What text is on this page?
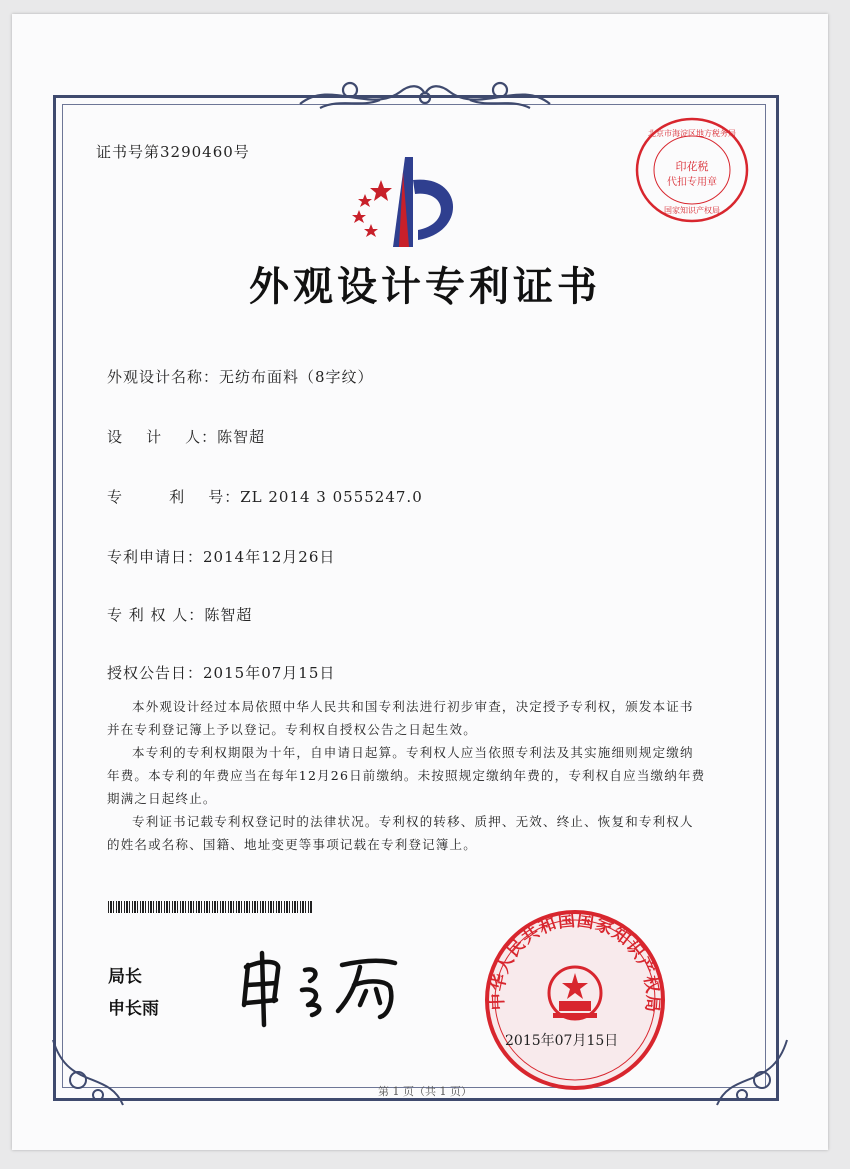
证书号第3290460号
印花税
代扣专用章
北京市海淀区地方税务局
国家知识产权局
外观设计专利证书
外观设计名称：无纺布面料（8字纹）
设    计    人：陈智超
专        利    号：ZL 2014 3 0555247.0
专利申请日：2014年12月26日
专 利 权 人：陈智超
授权公告日：2015年07月15日
本外观设计经过本局依照中华人民共和国专利法进行初步审查，决定授予专利权，颁发本证书并在专利登记簿上予以登记。专利权自授权公告之日起生效。
本专利的专利权期限为十年，自申请日起算。专利权人应当依照专利法及其实施细则规定缴纳年费。本专利的年费应当在每年12月26日前缴纳。未按照规定缴纳年费的，专利权自应当缴纳年费期满之日起终止。
专利证书记载专利权登记时的法律状况。专利权的转移、质押、无效、终止、恢复和专利权人的姓名或名称、国籍、地址变更等事项记载在专利登记簿上。
局长
申长雨	中华人民共和国国家知识产权局
2015年07月15日
第 1 页（共 1 页）
